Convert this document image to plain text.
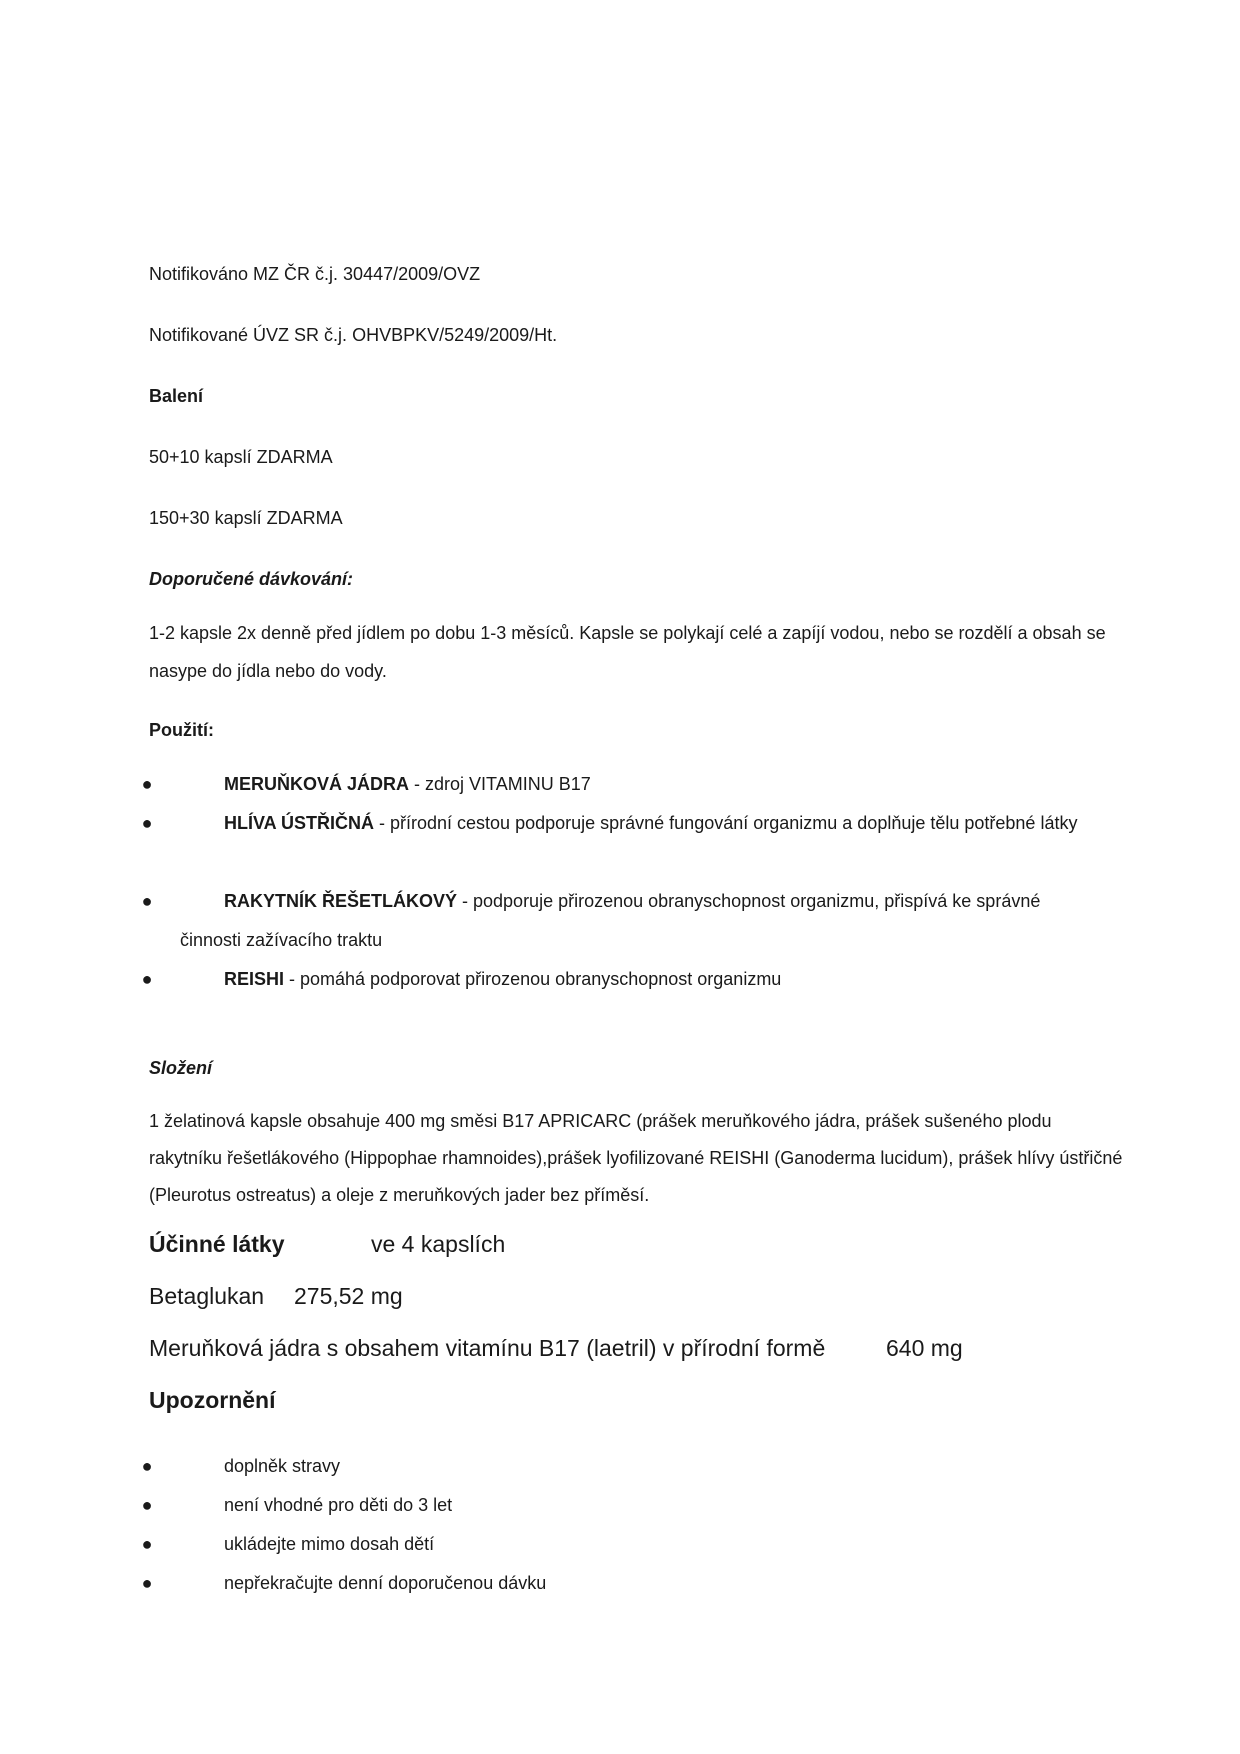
Notifikováno MZ ČR č.j. 30447/2009/OVZ
Notifikované ÚVZ SR č.j. OHVBPKV/5249/2009/Ht.
Balení
50+10 kapslí ZDARMA
150+30 kapslí ZDARMA
Doporučené dávkování:
1-2 kapsle 2x denně před jídlem po dobu 1-3 měsíců. Kapsle se polykají celé a zapíjí vodou, nebo se rozdělí a obsah se nasype do jídla nebo do vody.
Použití:
●	MERUŇKOVÁ JÁDRA - zdroj VITAMINU B17
●	HLÍVA ÚSTŘIČNÁ - přírodní cestou podporuje správné fungování organizmu a doplňuje tělu potřebné látky
●	RAKYTNÍK ŘEŠETLÁKOVÝ - podporuje přirozenou obranyschopnost organizmu, přispívá ke správné činnosti zažívacího traktu
●	REISHI - pomáhá podporovat přirozenou obranyschopnost organizmu
Složení
1 želatinová kapsle obsahuje 400 mg směsi B17 APRICARC (prášek meruňkového jádra, prášek sušeného plodu rakytníku řešetlákového (Hippophae rhamnoides),prášek lyofilizované REISHI (Ganoderma lucidum), prášek hlívy ústřičné (Pleurotus ostreatus) a oleje z meruňkových jader bez příměsí.
Účinné látky	ve 4 kapslích
Betaglukan 275,52 mg
Meruňková jádra s obsahem vitamínu B17 (laetril) v přírodní formě	640 mg
Upozornění
●	doplněk stravy
●	není vhodné pro děti do 3 let
●	ukládejte mimo dosah dětí
●	nepřekračujte denní doporučenou dávku
